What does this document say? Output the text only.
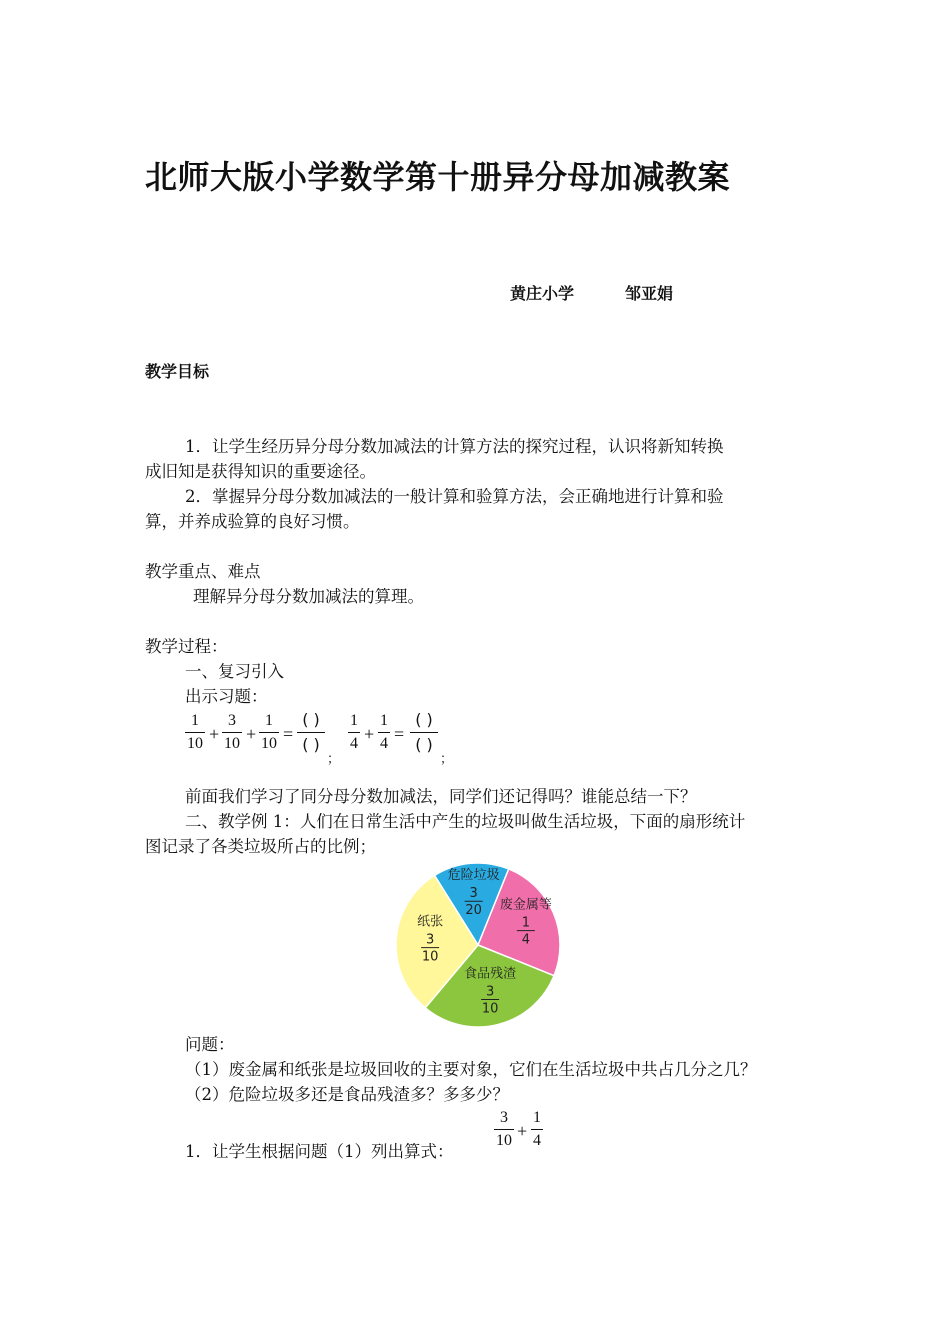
北师大版小学数学第十册异分母加减教案
黄庄小学	邹亚娟
教学目标
1．让学生经历异分母分数加减法的计算方法的探究过程，认识将新知转换
成旧知是获得知识的重要途径。
2．掌握异分母分数加减法的一般计算和验算方法，会正确地进行计算和验
算，并养成验算的良好习惯。
教学重点、难点
理解异分母分数加减法的算理。
教学过程：
一、复习引入
出示习题：
1
10 +
3
10 +
1
10 =
( )
( )
；
1
4 +
1
4 =
( )
( )
；
前面我们学习了同分母分数加减法，同学们还记得吗？谁能总结一下？
二、教学例 1：人们在日常生活中产生的垃圾叫做生活垃圾，下面的扇形统计
图记录了各类垃圾所占的比例；
危险垃圾
3
20 废金属等
1
4
食品残渣
3
10
纸张
3
10
问题：
（1）废金属和纸张是垃圾回收的主要对象，它们在生活垃圾中共占几分之几？
（2）危险垃圾多还是食品残渣多？多多少？
1．让学生根据问题（1）列出算式：
3
10 +
1
4
